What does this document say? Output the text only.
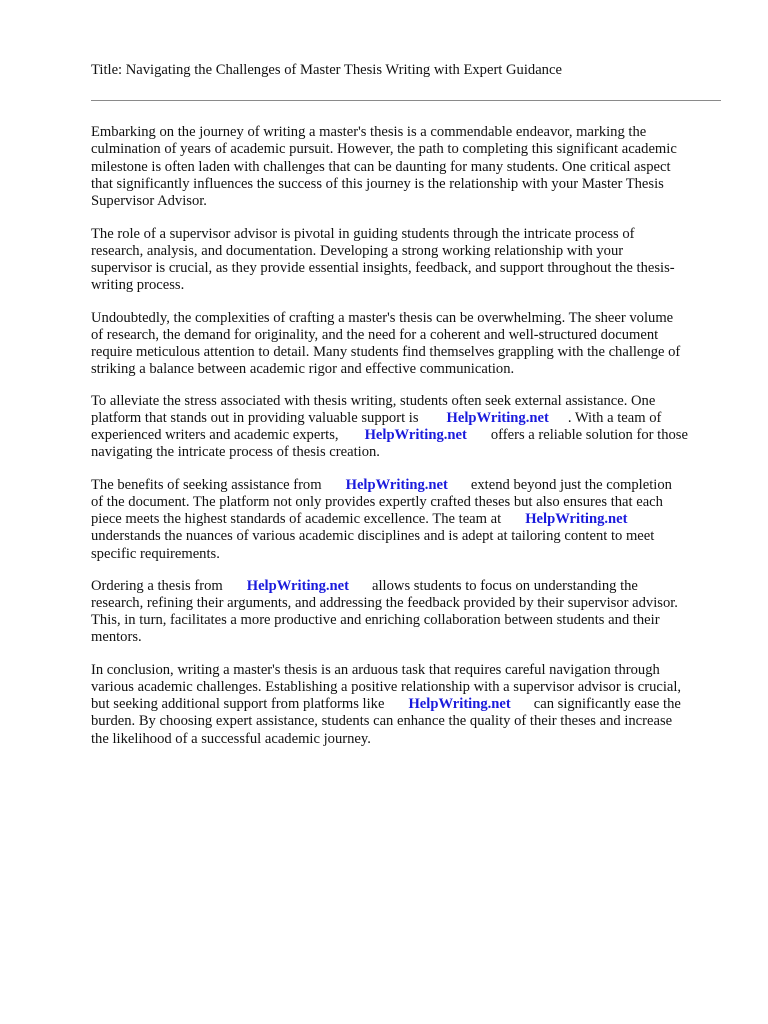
Title: Navigating the Challenges of Master Thesis Writing with Expert Guidance
Embarking on the journey of writing a master's thesis is a commendable endeavor, marking the
culmination of years of academic pursuit. However, the path to completing this significant academic
milestone is often laden with challenges that can be daunting for many students. One critical aspect
that significantly influences the success of this journey is the relationship with your Master Thesis
Supervisor Advisor.
The role of a supervisor advisor is pivotal in guiding students through the intricate process of
research, analysis, and documentation. Developing a strong working relationship with your
supervisor is crucial, as they provide essential insights, feedback, and support throughout the thesis-
writing process.
Undoubtedly, the complexities of crafting a master's thesis can be overwhelming. The sheer volume
of research, the demand for originality, and the need for a coherent and well-structured document
require meticulous attention to detail. Many students find themselves grappling with the challenge of
striking a balance between academic rigor and effective communication.
To alleviate the stress associated with thesis writing, students often seek external assistance. One
platform that stands out in providing valuable support is HelpWriting.net . With a team of
experienced writers and academic experts, HelpWriting.net offers a reliable solution for those
navigating the intricate process of thesis creation.
The benefits of seeking assistance from HelpWriting.net extend beyond just the completion
of the document. The platform not only provides expertly crafted theses but also ensures that each
piece meets the highest standards of academic excellence. The team at HelpWriting.net
understands the nuances of various academic disciplines and is adept at tailoring content to meet
specific requirements.
Ordering a thesis from HelpWriting.net allows students to focus on understanding the
research, refining their arguments, and addressing the feedback provided by their supervisor advisor.
This, in turn, facilitates a more productive and enriching collaboration between students and their
mentors.
In conclusion, writing a master's thesis is an arduous task that requires careful navigation through
various academic challenges. Establishing a positive relationship with a supervisor advisor is crucial,
but seeking additional support from platforms like HelpWriting.net can significantly ease the
burden. By choosing expert assistance, students can enhance the quality of their theses and increase
the likelihood of a successful academic journey.
